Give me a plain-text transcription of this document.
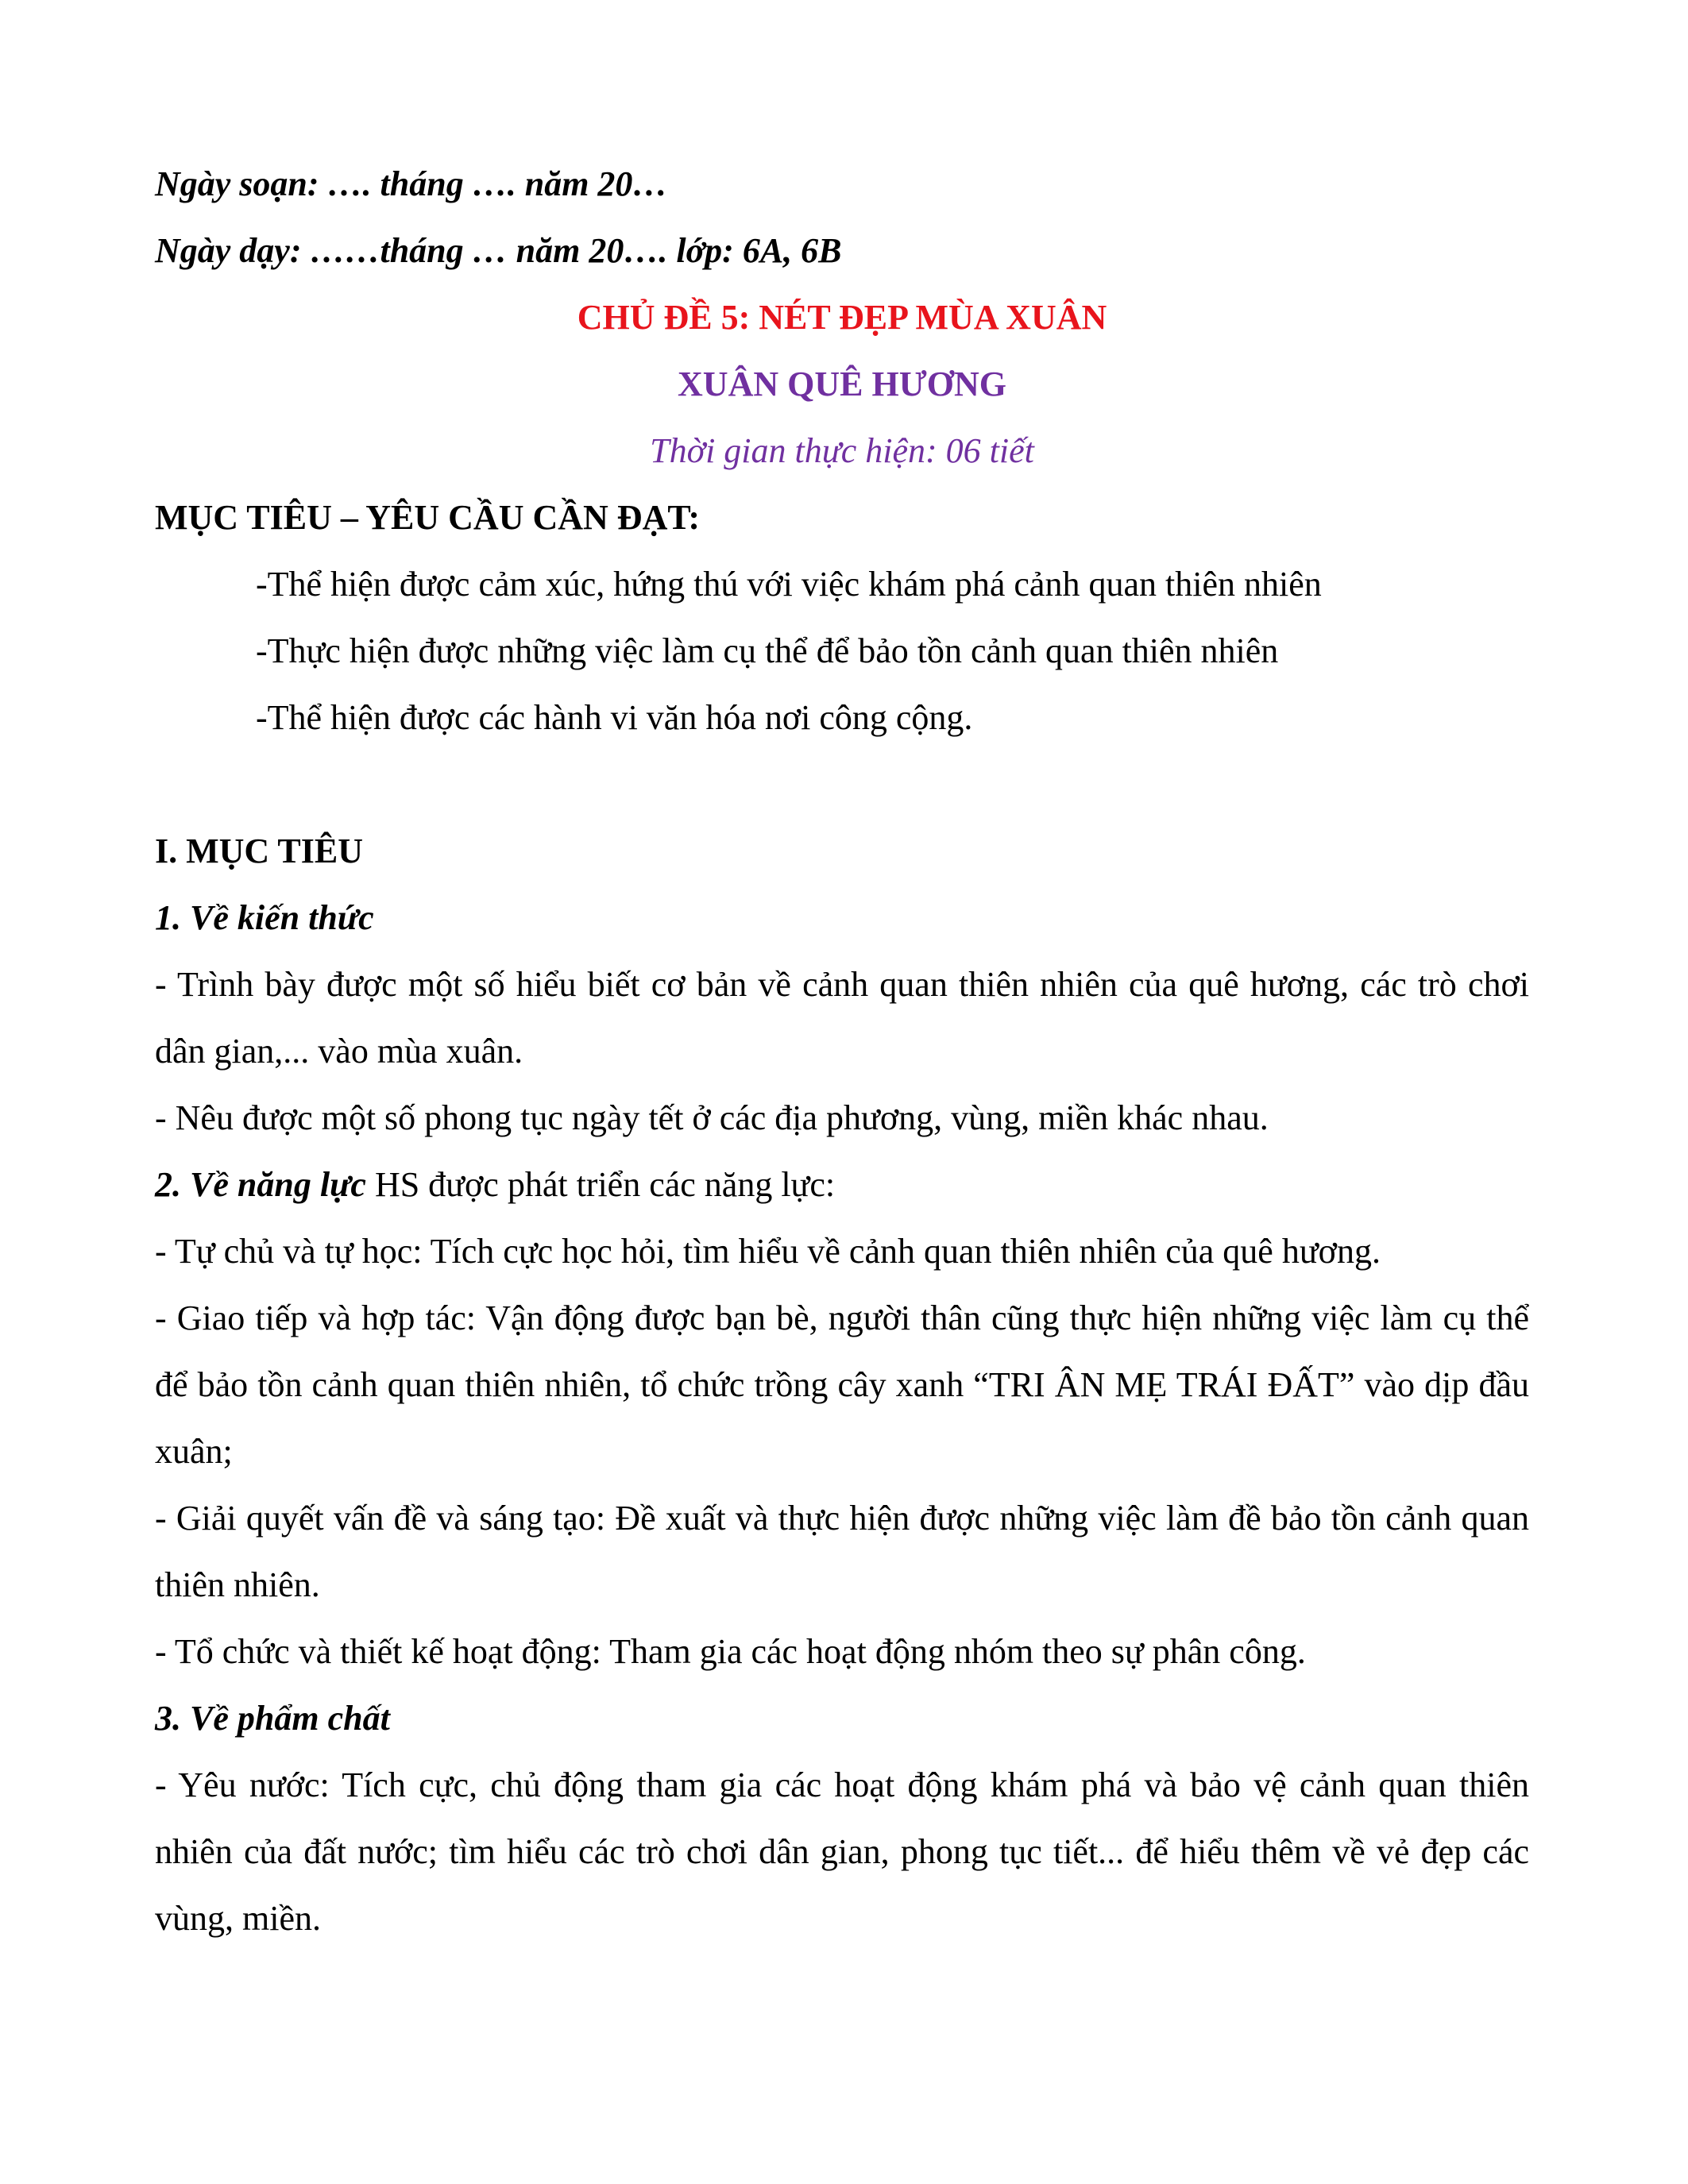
Ngày soạn: …. tháng …. năm 20…

Ngày dạy: ……tháng … năm 20…. lớp: 6A, 6B

CHỦ ĐỀ 5: NÉT ĐẸP MÙA XUÂN

XUÂN QUÊ HƯƠNG

Thời gian thực hiện: 06 tiết

MỤC TIÊU – YÊU CẦU CẦN ĐẠT:

-Thể hiện được cảm xúc, hứng thú với việc khám phá cảnh quan thiên nhiên

-Thực hiện được những việc làm cụ thể để bảo tồn cảnh quan thiên nhiên

-Thể hiện được các hành vi văn hóa nơi công cộng.

I. MỤC TIÊU

1. Về kiến thức

- Trình bày được một số hiểu biết cơ bản về cảnh quan thiên nhiên của quê hương, các trò chơi dân gian,... vào mùa xuân.

- Nêu được một số phong tục ngày tết ở các địa phương, vùng, miền khác nhau.

2. Về năng lực HS được phát triển các năng lực:

- Tự chủ và tự học: Tích cực học hỏi, tìm hiểu về cảnh quan thiên nhiên của quê hương.

- Giao tiếp và hợp tác: Vận động được bạn bè, người thân cũng thực hiện những việc làm cụ thể để bảo tồn cảnh quan thiên nhiên, tổ chức trồng cây xanh “TRI ÂN MẸ TRÁI ĐẤT” vào dịp đầu xuân;

- Giải quyết vấn đề và sáng tạo: Đề xuất và thực hiện được những việc làm đề bảo tồn cảnh quan thiên nhiên.

- Tổ chức và thiết kế hoạt động: Tham gia các hoạt động nhóm theo sự phân công.

3. Về phẩm chất

- Yêu nước: Tích cực, chủ động tham gia các hoạt động khám phá và bảo vệ cảnh quan thiên nhiên của đất nước; tìm hiểu các trò chơi dân gian, phong tục tiết... để hiểu thêm về vẻ đẹp các vùng, miền.
